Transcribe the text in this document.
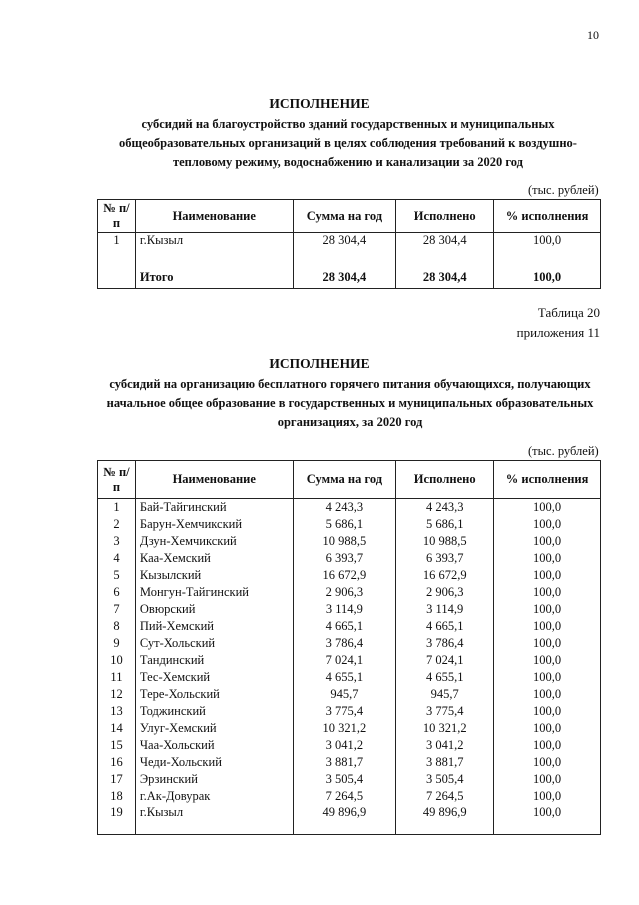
10
ИСПОЛНЕНИЕ
субсидий на благоустройство зданий государственных и муниципальных общеобразовательных организаций в целях соблюдения требований к воздушно-тепловому режиму, водоснабжению и канализации за 2020 год
(тыс. рублей)
№ п/п	Наименование	Сумма на год	Исполнено	% исполнения
1	г.Кызыл	28 304,4	28 304,4	100,0
	Итого	28 304,4	28 304,4	100,0
Таблица 20
приложения 11
ИСПОЛНЕНИЕ
субсидий на организацию бесплатного горячего питания обучающихся, получающих начальное общее образование в государственных и муниципальных образовательных организациях, за 2020 год
(тыс. рублей)
№ п/п	Наименование	Сумма на год	Исполнено	% исполнения
1	Бай-Тайгинский	4 243,3	4 243,3	100,0
2	Барун-Хемчикский	5 686,1	5 686,1	100,0
3	Дзун-Хемчикский	10 988,5	10 988,5	100,0
4	Каа-Хемский	6 393,7	6 393,7	100,0
5	Кызылский	16 672,9	16 672,9	100,0
6	Монгун-Тайгинский	2 906,3	2 906,3	100,0
7	Овюрский	3 114,9	3 114,9	100,0
8	Пий-Хемский	4 665,1	4 665,1	100,0
9	Сут-Хольский	3 786,4	3 786,4	100,0
10	Тандинский	7 024,1	7 024,1	100,0
11	Тес-Хемский	4 655,1	4 655,1	100,0
12	Тере-Хольский	945,7	945,7	100,0
13	Тоджинский	3 775,4	3 775,4	100,0
14	Улуг-Хемский	10 321,2	10 321,2	100,0
15	Чаа-Хольский	3 041,2	3 041,2	100,0
16	Чеди-Хольский	3 881,7	3 881,7	100,0
17	Эрзинский	3 505,4	3 505,4	100,0
18	г.Ак-Довурак	7 264,5	7 264,5	100,0
19	г.Кызыл	49 896,9	49 896,9	100,0
